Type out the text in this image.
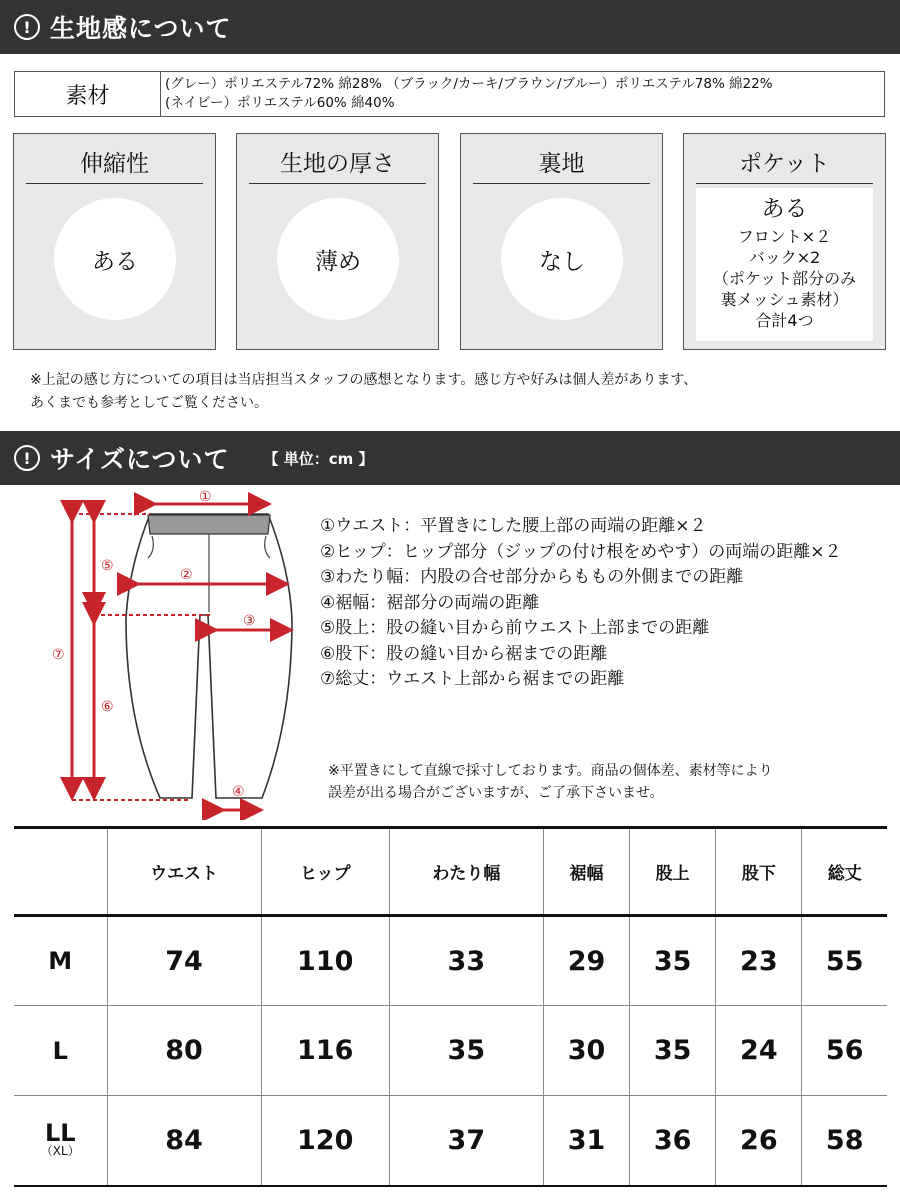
! 生地感について
素材	(グレー）ポリエステル72% 綿28% （ブラック/カーキ/ブラウン/ブルー）ポリエステル78% 綿22%
(ネイビー）ポリエステル60% 綿40%
伸縮性
ある
生地の厚さ
薄め
裏地
なし
ポケット
ある
フロント×２
バック×2
（ポケット部分のみ
裏メッシュ素材）
合計4つ
※上記の感じ方についての項目は当店担当スタッフの感想となります。感じ方や好みは個人差があります、
あくまでも参考としてご覧ください。
! サイズについて 【 単位：cm 】
①
②
③
④
⑤
⑥
⑦
①ウエスト：平置きにした腰上部の両端の距離×２
②ヒップ：ヒップ部分（ジップの付け根をめやす）の両端の距離×２
③わたり幅：内股の合せ部分からももの外側までの距離
④裾幅：裾部分の両端の距離
⑤股上：股の縫い目から前ウエスト上部までの距離
⑥股下：股の縫い目から裾までの距離
⑦総丈：ウエスト上部から裾までの距離
※平置きにして直線で採寸しております。商品の個体差、素材等により
誤差が出る場合がございますが、ご了承下さいませ。
	ウエスト	ヒップ	わたり幅	裾幅	股上	股下	総丈
M	74	110	33	29	35	23	55
L	80	116	35	30	35	24	56

LL
（XL）	84	120	37	31	36	26	58
